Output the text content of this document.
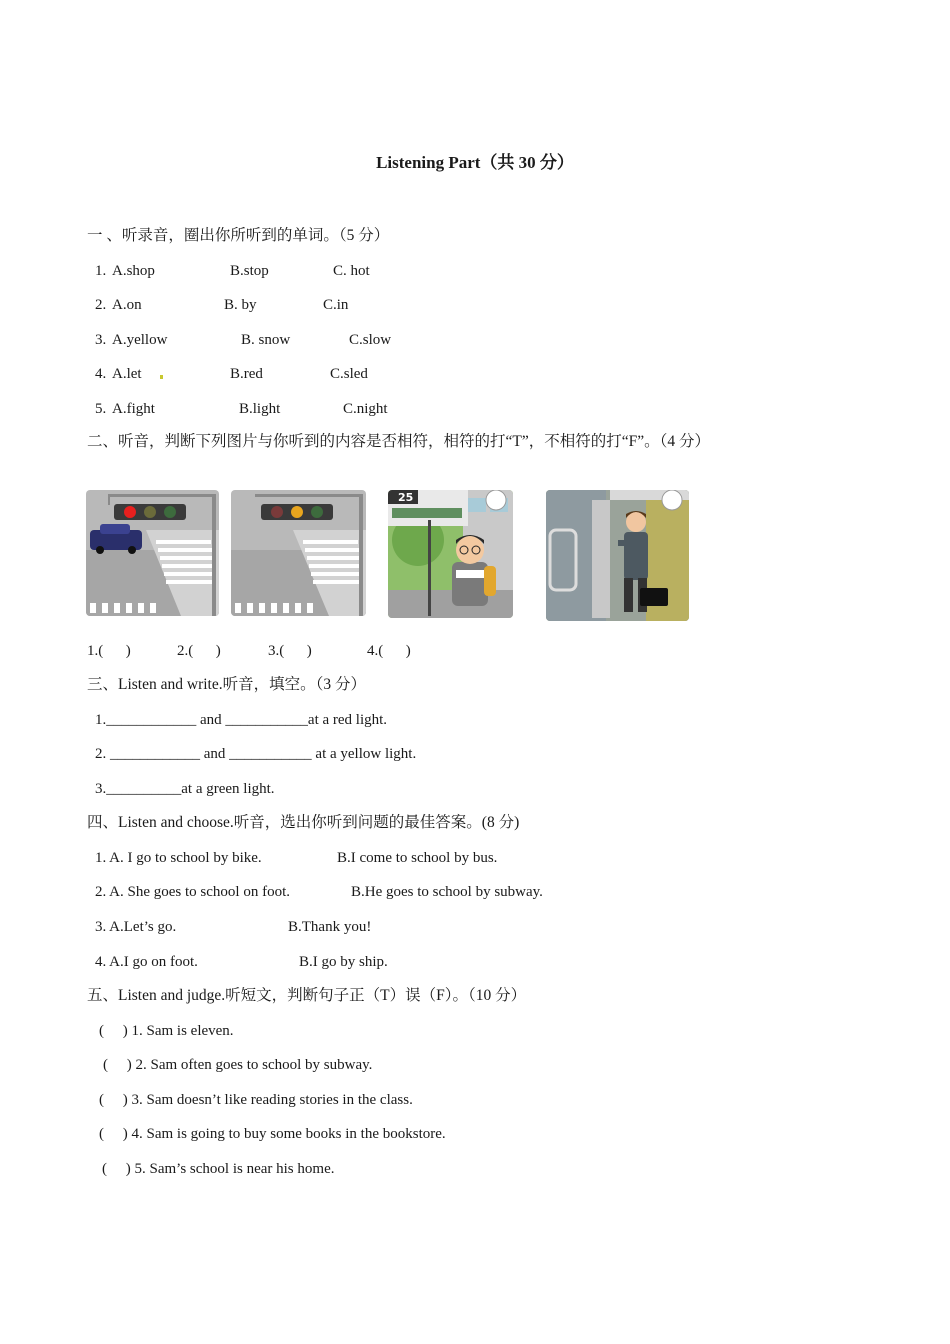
Listening Part（共 30 分）
一 、听录音，圈出你所听到的单词。（5 分）
1. A.shop	B.stop	C. hot
2. A.on	B. by	C.in
3. A.yellow	B. snow	C.slow
4. A.let	B.red	C.sled
5. A.fight	B.light	C.night
二、听音，判断下列图片与你听到的内容是否相符，相符的打“T”，不相符的打“F”。（4 分）
25
1.(      )	2.(      )	3.(      )	4.(      )
三、Listen and write.听音，填空。（3 分）
1.____________ and ___________at a red light.
2. ____________ and ___________ at a yellow light.
3.__________at a green light.
四、Listen and choose.听音，选出你听到问题的最佳答案。(8 分)
1. A. I go to school by bike.	B.I come to school by bus.
2. A. She goes to school on foot.	B.He goes to school by subway.
3. A.Let’s go.	B.Thank you!
4. A.I go on foot.	B.I go by ship.
五、Listen and judge.听短文，判断句子正（T）误（F）。（10 分）
(     ) 1. Sam is eleven.
(     ) 2. Sam often goes to school by subway.
(     ) 3. Sam doesn’t like reading stories in the class.
(     ) 4. Sam is going to buy some books in the bookstore.
(     ) 5. Sam’s school is near his home.
